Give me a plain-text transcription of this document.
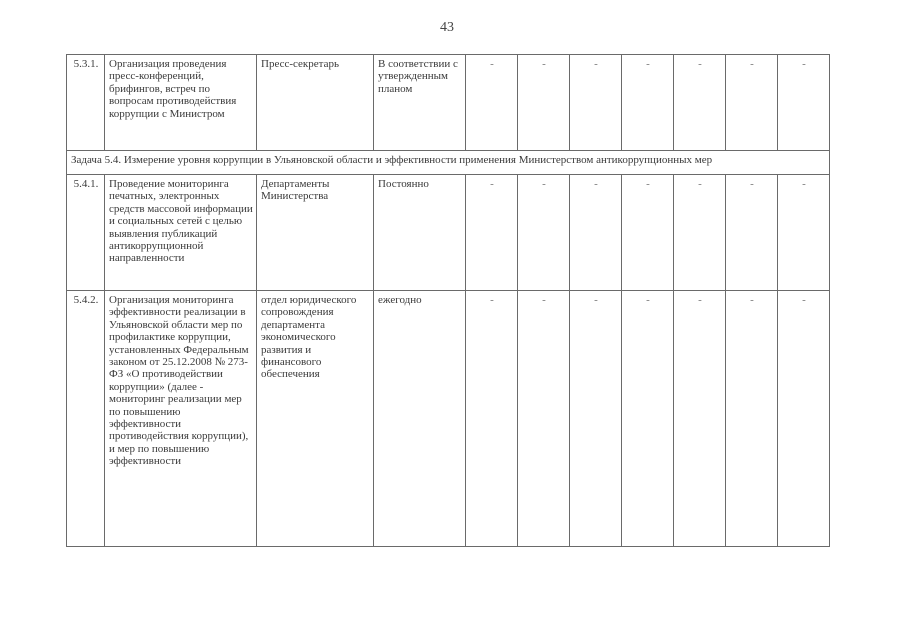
43
5.3.1.	Организация проведения пресс-конференций, брифингов, встреч по вопросам противодействия коррупции с Министром	Пресс-секретарь	В соответствии с утвержденным планом	-	-	-	-	-	-	-
Задача 5.4. Измерение уровня коррупции в Ульяновской области и эффективности применения Министерством антикоррупционных мер										
5.4.1.	Проведение мониторинга печатных, электронных средств массовой информации и социальных сетей с целью выявления публикаций антикоррупционной направленности	Департаменты Министерства	Постоянно	-	-	-	-	-	-	-
5.4.2.	Организация мониторинга эффективности реализации в Ульяновской области мер по профилактике коррупции, установленных Федеральным законом от 25.12.2008 № 273-ФЗ «О противодействии коррупции» (далее - мониторинг реализации мер по повышению эффективности противодействия коррупции), и мер по повышению эффективности	отдел юридического сопровождения департамента экономического развития и финансового обеспечения	ежегодно	-	-	-	-	-	-	-
